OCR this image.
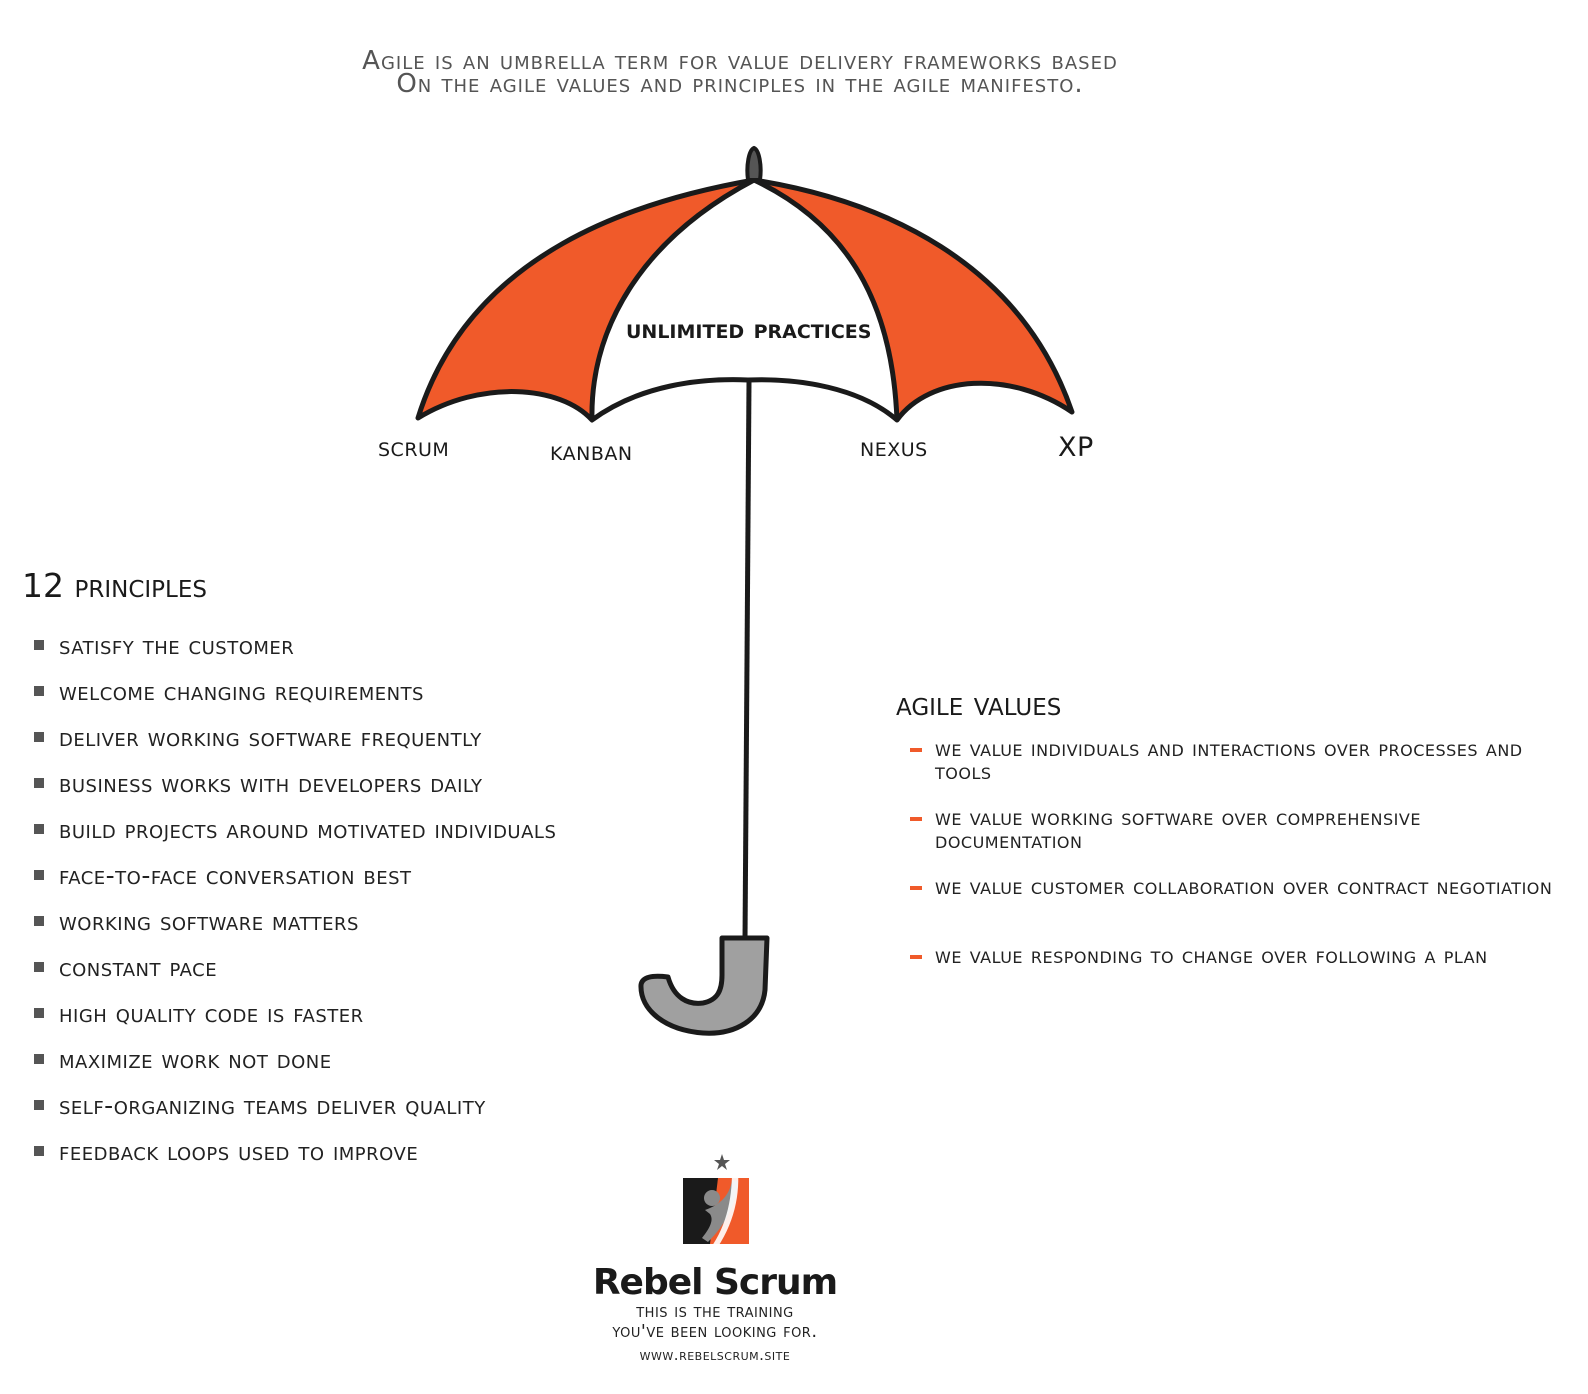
Agile is an umbrella term for value delivery frameworks based
On the agile values and principles in the agile manifesto.
unlimited practices
scrum	kanban	nexus	XP
12 principles
satisfy the customer
welcome changing requirements
deliver working software frequently
business works with developers daily
build projects around motivated individuals
face-to-face conversation best
working software matters
constant pace
high quality code is faster
maximize work not done
self-organizing teams deliver quality
feedback loops used to improve
agile values
we value individuals and interactions over processes and tools
we value working software over comprehensive documentation
we value customer collaboration over contract negotiation
we value responding to change over following a plan
Rebel Scrum
this is the training
you've been looking for.
www.rebelscrum.site
